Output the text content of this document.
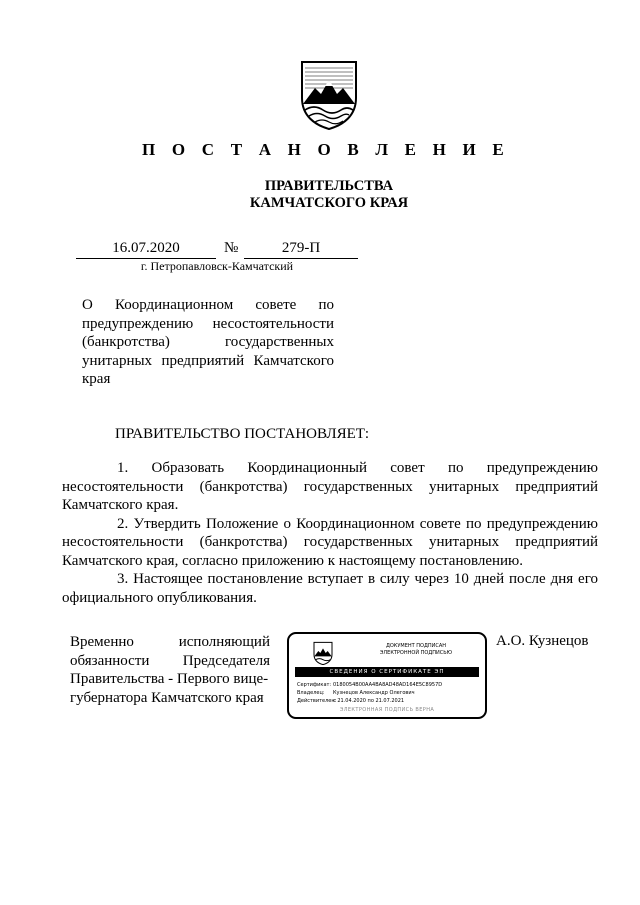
П О С Т А Н О В Л Е Н И Е
ПРАВИТЕЛЬСТВА
КАМЧАТСКОГО КРАЯ
16.07.2020	№	279-П
г. Петропавловск-Камчатский
О Координационном совете по предупреждению несостоятельности (банкротства) государственных унитарных предприятий Камчатского края
ПРАВИТЕЛЬСТВО ПОСТАНОВЛЯЕТ:

1. Образовать Координационный совет по предупреждению несостоятельности (банкротства) государственных унитарных предприятий Камчатского края.

2. Утвердить Положение о Координационном совете по предупреждению несостоятельности (банкротства) государственных унитарных предприятий Камчатского края, согласно приложению к настоящему постановлению.

3. Настоящее постановление вступает в силу через 10 дней после дня его официального опубликования.

Временно	исполняющий
обязанности Председателя
Правительства - Первого вице-
губернатора Камчатского края
А.О. Кузнецов
ДОКУМЕНТ ПОДПИСАН
ЭЛЕКТРОННОЙ ПОДПИСЬЮ
СВЕДЕНИЯ О СЕРТИФИКАТЕ ЭП
Сертификат: 0180054B00AA4BA8AD48AD164E5C8957D
Владелец: Кузнецов Александр Олегович
Действителен:с 21.04.2020 по 21.07.2021
ЭЛЕКТРОННАЯ ПОДПИСЬ ВЕРНА
